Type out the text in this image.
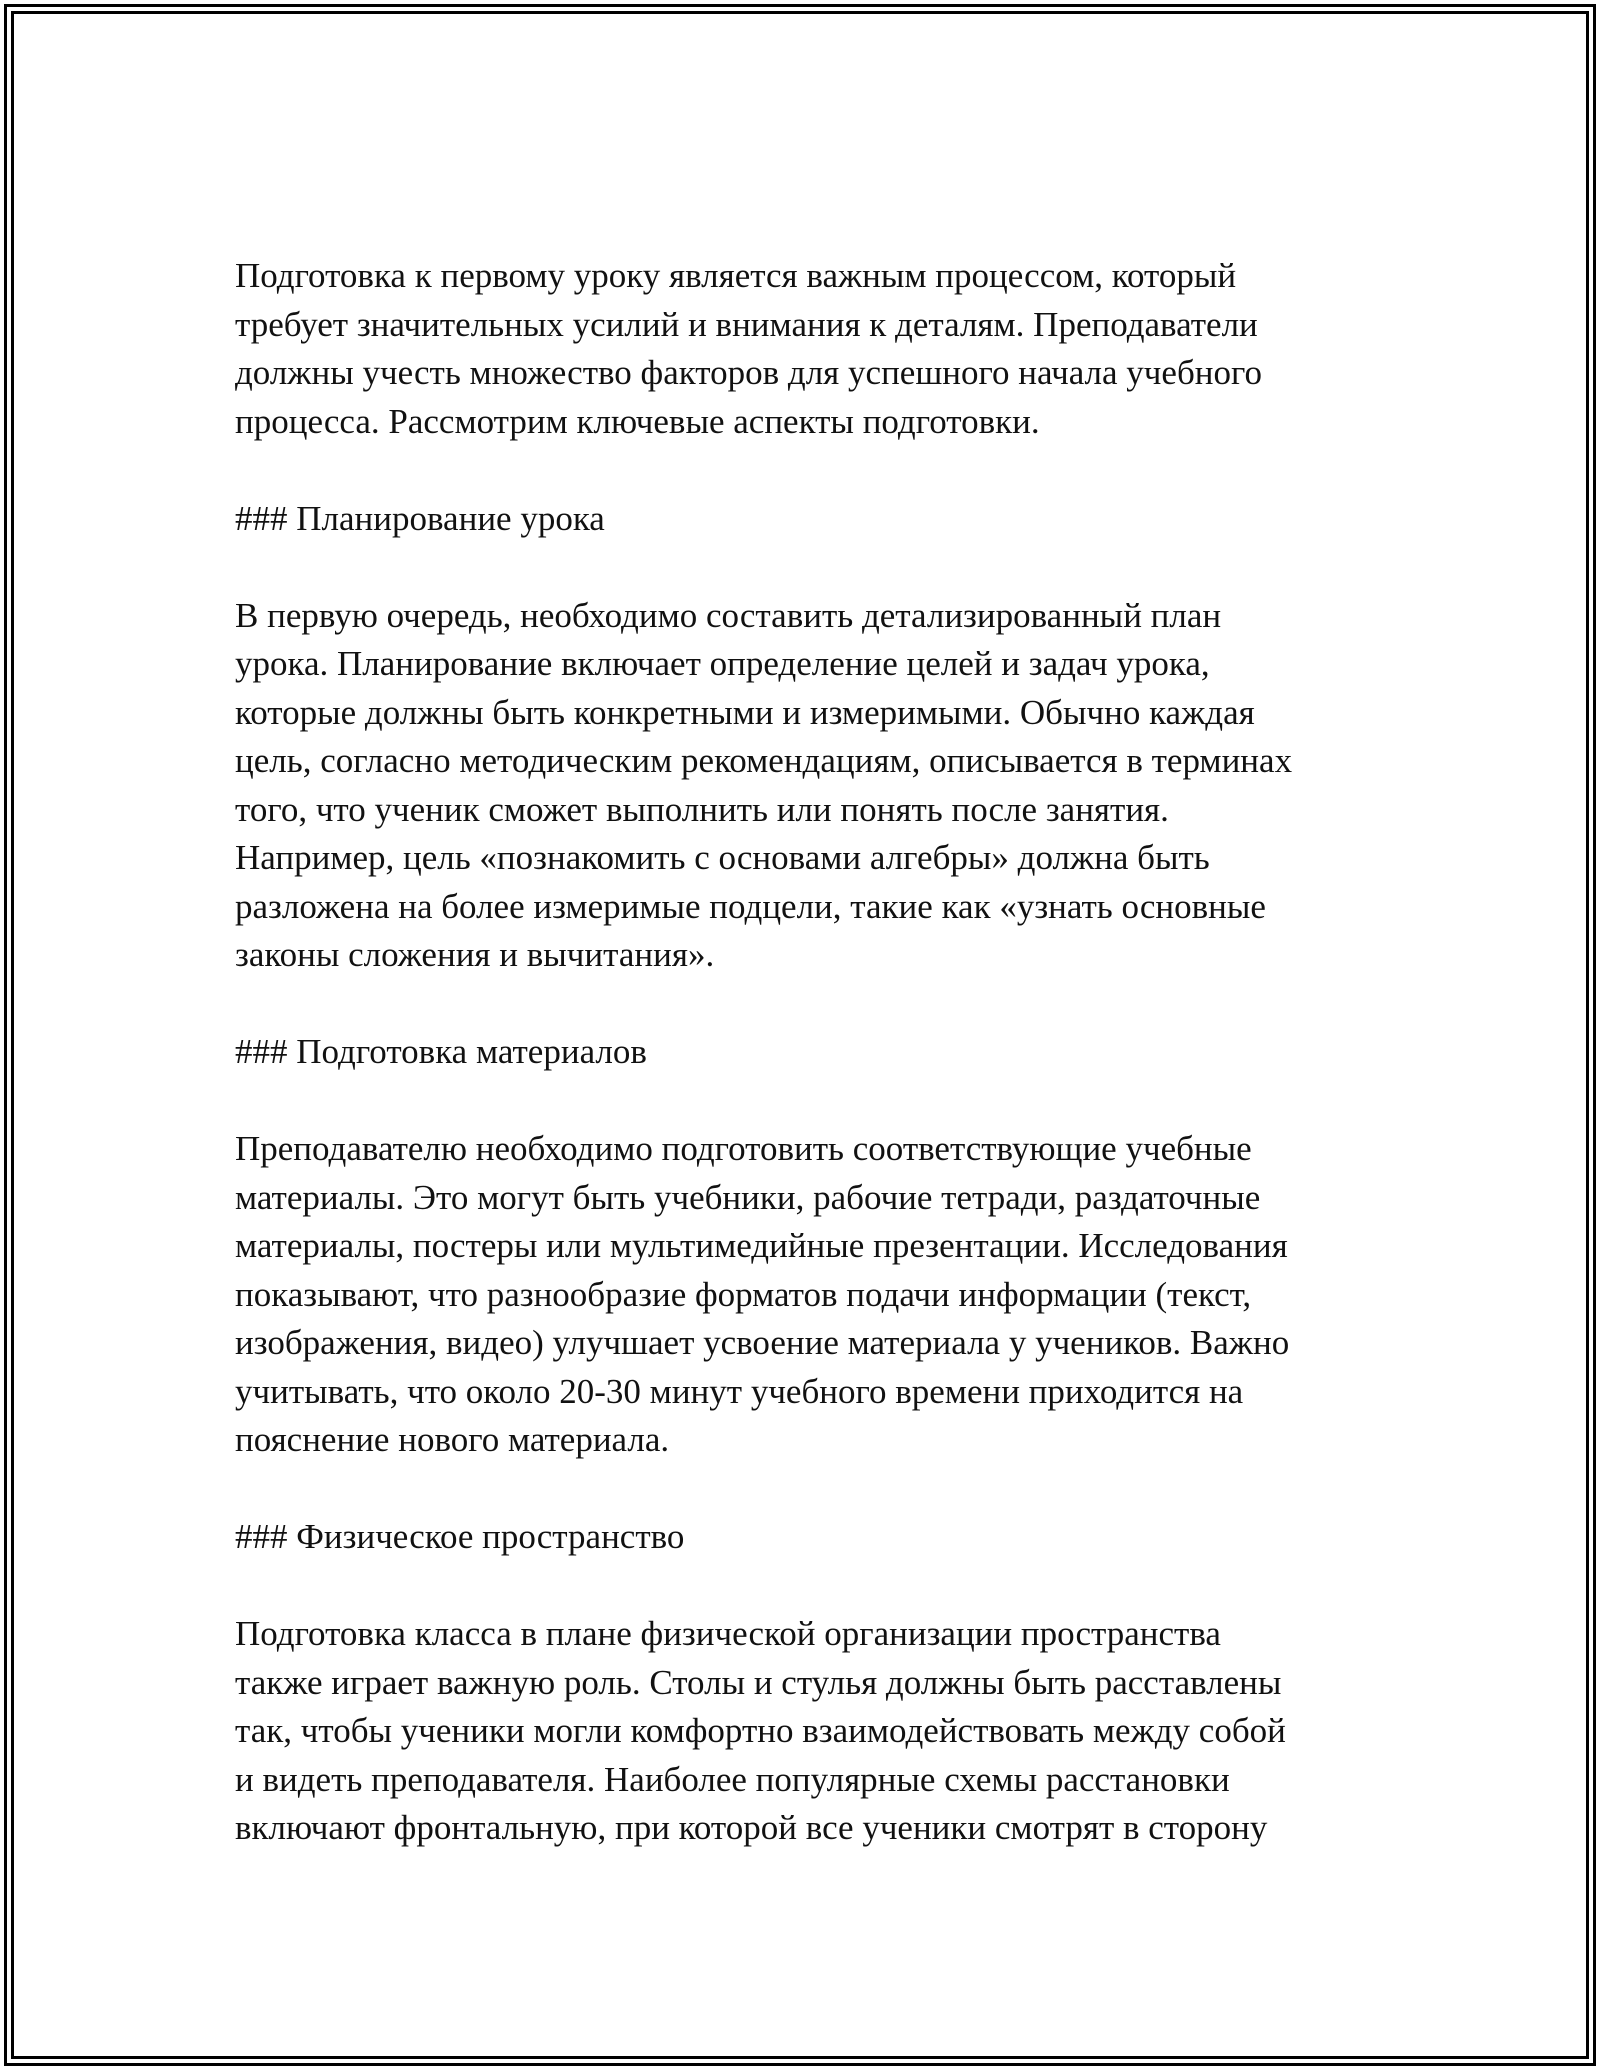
Подготовка к первому уроку является важным процессом, который
требует значительных усилий и внимания к деталям. Преподаватели
должны учесть множество факторов для успешного начала учебного
процесса. Рассмотрим ключевые аспекты подготовки.

### Планирование урока

В первую очередь, необходимо составить детализированный план
урока. Планирование включает определение целей и задач урока,
которые должны быть конкретными и измеримыми. Обычно каждая
цель, согласно методическим рекомендациям, описывается в терминах
того, что ученик сможет выполнить или понять после занятия.
Например, цель «познакомить с основами алгебры» должна быть
разложена на более измеримые подцели, такие как «узнать основные
законы сложения и вычитания».

### Подготовка материалов

Преподавателю необходимо подготовить соответствующие учебные
материалы. Это могут быть учебники, рабочие тетради, раздаточные
материалы, постеры или мультимедийные презентации. Исследования
показывают, что разнообразие форматов подачи информации (текст,
изображения, видео) улучшает усвоение материала у учеников. Важно
учитывать, что около 20-30 минут учебного времени приходится на
пояснение нового материала.

### Физическое пространство

Подготовка класса в плане физической организации пространства
также играет важную роль. Столы и стулья должны быть расставлены
так, чтобы ученики могли комфортно взаимодействовать между собой
и видеть преподавателя. Наиболее популярные схемы расстановки
включают фронтальную, при которой все ученики смотрят в сторону
